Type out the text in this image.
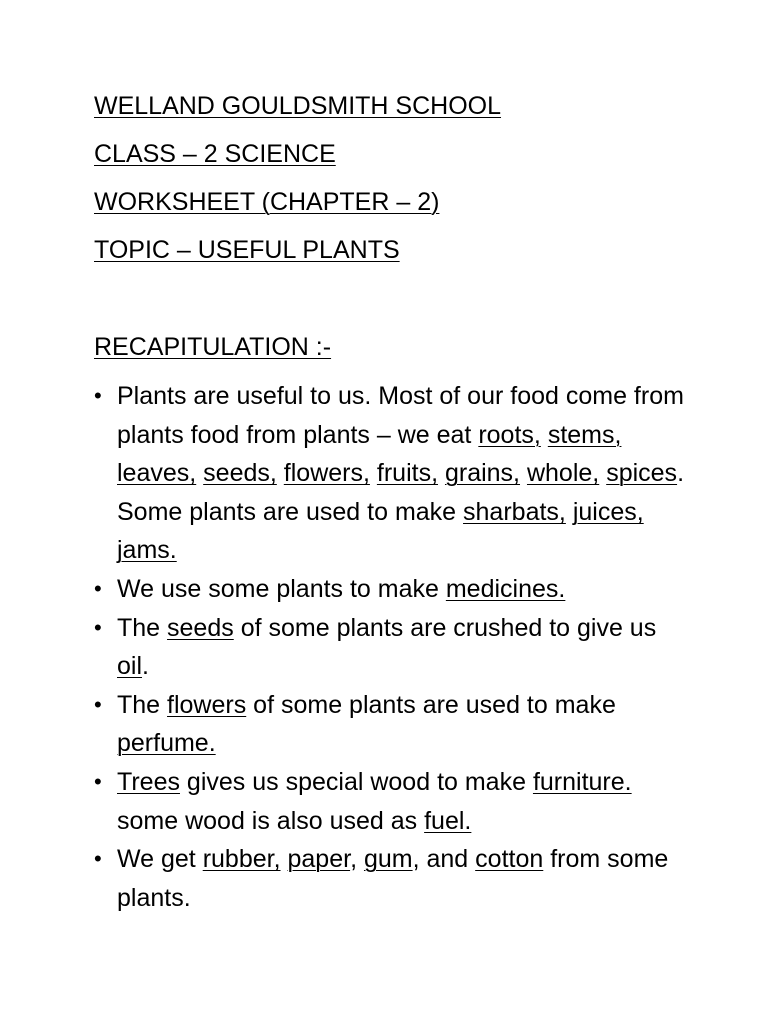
WELLAND GOULDSMITH SCHOOL
CLASS – 2 SCIENCE
WORKSHEET (CHAPTER – 2)
TOPIC – USEFUL PLANTS
RECAPITULATION :-
• Plants are useful to us. Most of our food come from plants food from plants – we eat roots, stems, leaves, seeds, flowers, fruits, grains, whole, spices. Some plants are used to make sharbats, juices, jams.
• We use some plants to make medicines.
• The seeds of some plants are crushed to give us oil.
• The flowers of some plants are used to make perfume.
• Trees gives us special wood to make furniture. some wood is also used as fuel.
• We get rubber, paper, gum, and cotton from some plants.
